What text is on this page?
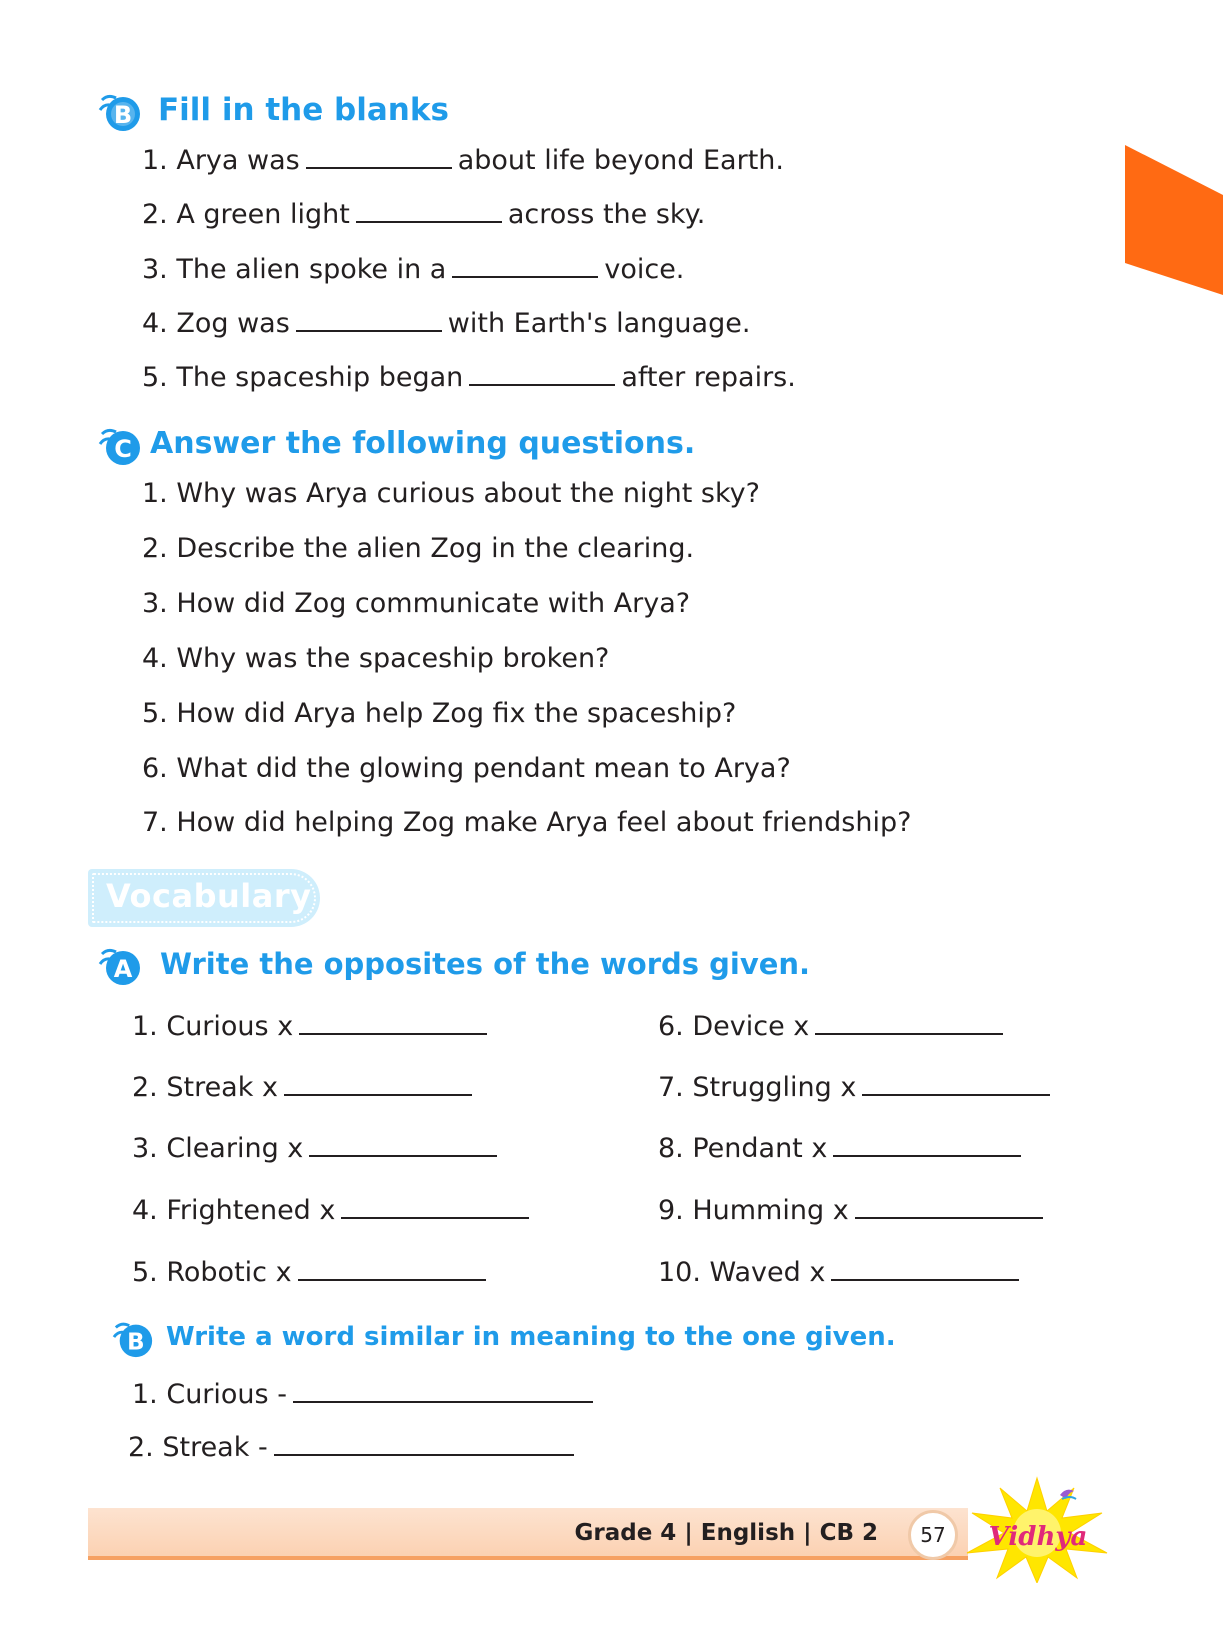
B Fill in the blanks
1. Arya was	about life beyond Earth.
2. A green light	across the sky.
3. The alien spoke in a	voice.
4. Zog was	with Earth's language.
5. The spaceship began	after repairs.
C Answer the following questions.
1. Why was Arya curious about the night sky?
2. Describe the alien Zog in the clearing.
3. How did Zog communicate with Arya?
4. Why was the spaceship broken?
5. How did Arya help Zog fix the spaceship?
6. What did the glowing pendant mean to Arya?
7. How did helping Zog make Arya feel about friendship?
Vocabulary
A Write the opposites of the words given.
1. Curious x
2. Streak x
3. Clearing x
4. Frightened x
5. Robotic x
6. Device x
7. Struggling x
8. Pendant x
9. Humming x
10. Waved x
B Write a word similar in meaning to the one given.
1. Curious -
2. Streak -
Grade 4 | English | CB 2	57	Vidhya
